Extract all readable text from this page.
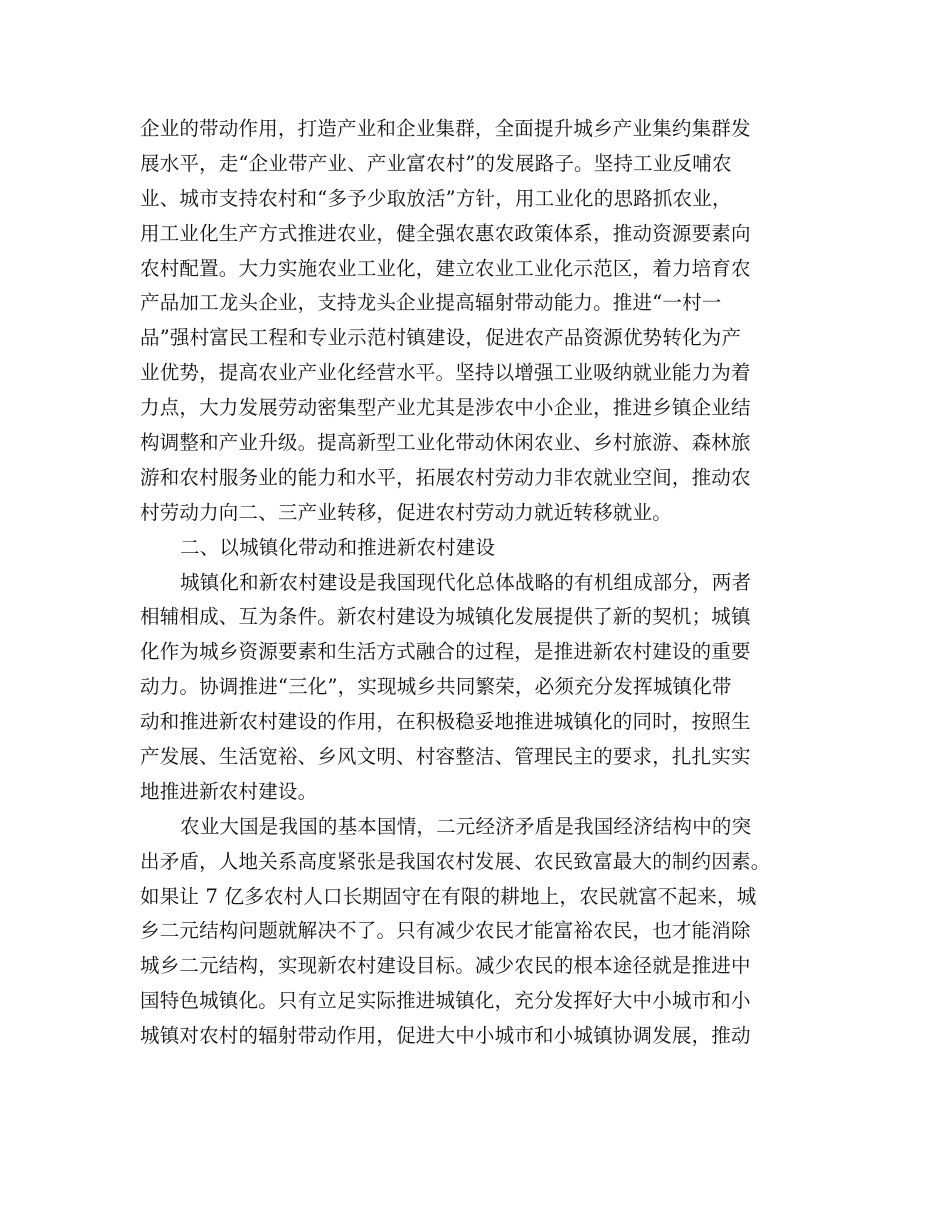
企业的带动作用，打造产业和企业集群，全面提升城乡产业集约集群发
展水平，走“企业带产业、产业富农村”的发展路子。坚持工业反哺农
业、城市支持农村和“多予少取放活”方针，用工业化的思路抓农业，
用工业化生产方式推进农业，健全强农惠农政策体系，推动资源要素向
农村配置。大力实施农业工业化，建立农业工业化示范区，着力培育农
产品加工龙头企业，支持龙头企业提高辐射带动能力。推进“一村一
品”强村富民工程和专业示范村镇建设，促进农产品资源优势转化为产
业优势，提高农业产业化经营水平。坚持以增强工业吸纳就业能力为着
力点，大力发展劳动密集型产业尤其是涉农中小企业，推进乡镇企业结
构调整和产业升级。提高新型工业化带动休闲农业、乡村旅游、森林旅
游和农村服务业的能力和水平，拓展农村劳动力非农就业空间，推动农
村劳动力向二、三产业转移，促进农村劳动力就近转移就业。
二、以城镇化带动和推进新农村建设
城镇化和新农村建设是我国现代化总体战略的有机组成部分，两者
相辅相成、互为条件。新农村建设为城镇化发展提供了新的契机；城镇
化作为城乡资源要素和生活方式融合的过程，是推进新农村建设的重要
动力。协调推进“三化”，实现城乡共同繁荣，必须充分发挥城镇化带
动和推进新农村建设的作用，在积极稳妥地推进城镇化的同时，按照生
产发展、生活宽裕、乡风文明、村容整洁、管理民主的要求，扎扎实实
地推进新农村建设。
农业大国是我国的基本国情，二元经济矛盾是我国经济结构中的突
出矛盾，人地关系高度紧张是我国农村发展、农民致富最大的制约因素。
如果让 7 亿多农村人口长期固守在有限的耕地上，农民就富不起来，城
乡二元结构问题就解决不了。只有减少农民才能富裕农民，也才能消除
城乡二元结构，实现新农村建设目标。减少农民的根本途径就是推进中
国特色城镇化。只有立足实际推进城镇化，充分发挥好大中小城市和小
城镇对农村的辐射带动作用，促进大中小城市和小城镇协调发展，推动
